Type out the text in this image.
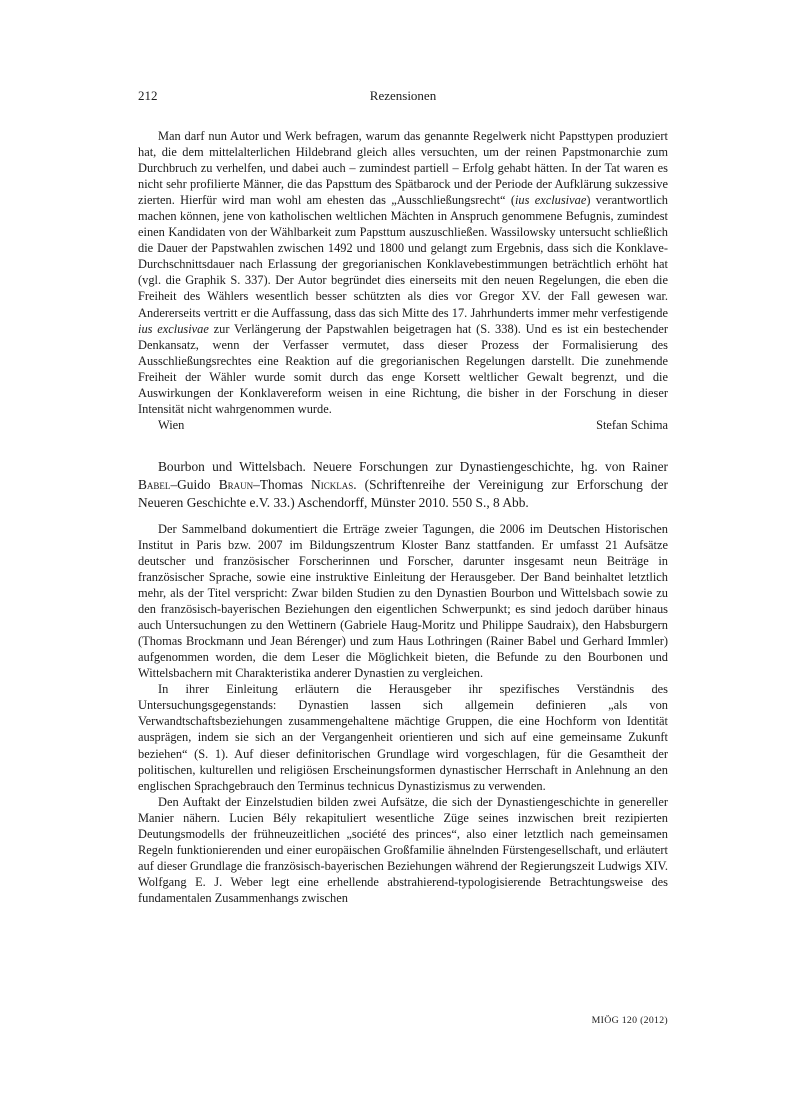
212	Rezensionen

Man darf nun Autor und Werk befragen, warum das genannte Regelwerk nicht Papsttypen produziert hat, die dem mittelalterlichen Hildebrand gleich alles versuchten, um der reinen Papstmonarchie zum Durchbruch zu verhelfen, und dabei auch – zumindest partiell – Erfolg gehabt hätten. In der Tat waren es nicht sehr profilierte Männer, die das Papsttum des Spätbarock und der Periode der Aufklärung sukzessive zierten. Hierfür wird man wohl am ehesten das „Ausschließungsrecht“ (ius exclusivae) verantwortlich machen können, jene von katholischen weltlichen Mächten in Anspruch genommene Befugnis, zumindest einen Kandidaten von der Wählbarkeit zum Papsttum auszuschließen. Wassilowsky untersucht schließlich die Dauer der Papstwahlen zwischen 1492 und 1800 und gelangt zum Ergebnis, dass sich die Konklave-Durchschnittsdauer nach Erlassung der gregorianischen Konklavebestimmungen beträchtlich erhöht hat (vgl. die Graphik S. 337). Der Autor begründet dies einerseits mit den neuen Regelungen, die eben die Freiheit des Wählers wesentlich besser schützten als dies vor Gregor XV. der Fall gewesen war. Andererseits vertritt er die Auffassung, dass das sich Mitte des 17. Jahrhunderts immer mehr verfestigende ius exclusivae zur Verlängerung der Papstwahlen beigetragen hat (S. 338). Und es ist ein bestechender Denkansatz, wenn der Verfasser vermutet, dass dieser Prozess der Formalisierung des Ausschließungsrechtes eine Reaktion auf die gregorianischen Regelungen darstellt. Die zunehmende Freiheit der Wähler wurde somit durch das enge Korsett weltlicher Gewalt begrenzt, und die Auswirkungen der Konklavereform weisen in eine Richtung, die bisher in der Forschung in dieser Intensität nicht wahrgenommen wurde.

Wien	Stefan Schima
Bourbon und Wittelsbach. Neuere Forschungen zur Dynastiengeschichte, hg. von Rainer Babel–Guido Braun–Thomas Nicklas. (Schriftenreihe der Vereinigung zur Erforschung der Neueren Geschichte e.V. 33.) Aschendorff, Münster 2010. 550 S., 8 Abb.

Der Sammelband dokumentiert die Erträge zweier Tagungen, die 2006 im Deutschen Historischen Institut in Paris bzw. 2007 im Bildungszentrum Kloster Banz stattfanden. Er umfasst 21 Aufsätze deutscher und französischer Forscherinnen und Forscher, darunter insgesamt neun Beiträge in französischer Sprache, sowie eine instruktive Einleitung der Herausgeber. Der Band beinhaltet letztlich mehr, als der Titel verspricht: Zwar bilden Studien zu den Dynastien Bourbon und Wittelsbach sowie zu den französisch-bayerischen Beziehungen den eigentlichen Schwerpunkt; es sind jedoch darüber hinaus auch Untersuchungen zu den Wettinern (Gabriele Haug-Moritz und Philippe Saudraix), den Habsburgern (Thomas Brockmann und Jean Bérenger) und zum Haus Lothringen (Rainer Babel und Gerhard Immler) aufgenommen worden, die dem Leser die Möglichkeit bieten, die Befunde zu den Bourbonen und Wittelsbachern mit Charakteristika anderer Dynastien zu vergleichen.

In ihrer Einleitung erläutern die Herausgeber ihr spezifisches Verständnis des Untersuchungsgegenstands: Dynastien lassen sich allgemein definieren „als von Verwandtschaftsbeziehungen zusammengehaltene mächtige Gruppen, die eine Hochform von Identität ausprägen, indem sie sich an der Vergangenheit orientieren und sich auf eine gemeinsame Zukunft beziehen“ (S. 1). Auf dieser definitorischen Grundlage wird vorgeschlagen, für die Gesamtheit der politischen, kulturellen und religiösen Erscheinungsformen dynastischer Herrschaft in Anlehnung an den englischen Sprachgebrauch den Terminus technicus Dynastizismus zu verwenden.

Den Auftakt der Einzelstudien bilden zwei Aufsätze, die sich der Dynastiengeschichte in genereller Manier nähern. Lucien Bély rekapituliert wesentliche Züge seines inzwischen breit rezipierten Deutungsmodells der frühneuzeitlichen „société des princes“, also einer letztlich nach gemeinsamen Regeln funktionierenden und einer europäischen Großfamilie ähnelnden Fürstengesellschaft, und erläutert auf dieser Grundlage die französisch-bayerischen Beziehungen während der Regierungszeit Ludwigs XIV. Wolfgang E. J. Weber legt eine erhellende abstrahierend-typologisierende Betrachtungsweise des fundamentalen Zusammenhangs zwischen

MIÖG 120 (2012)
